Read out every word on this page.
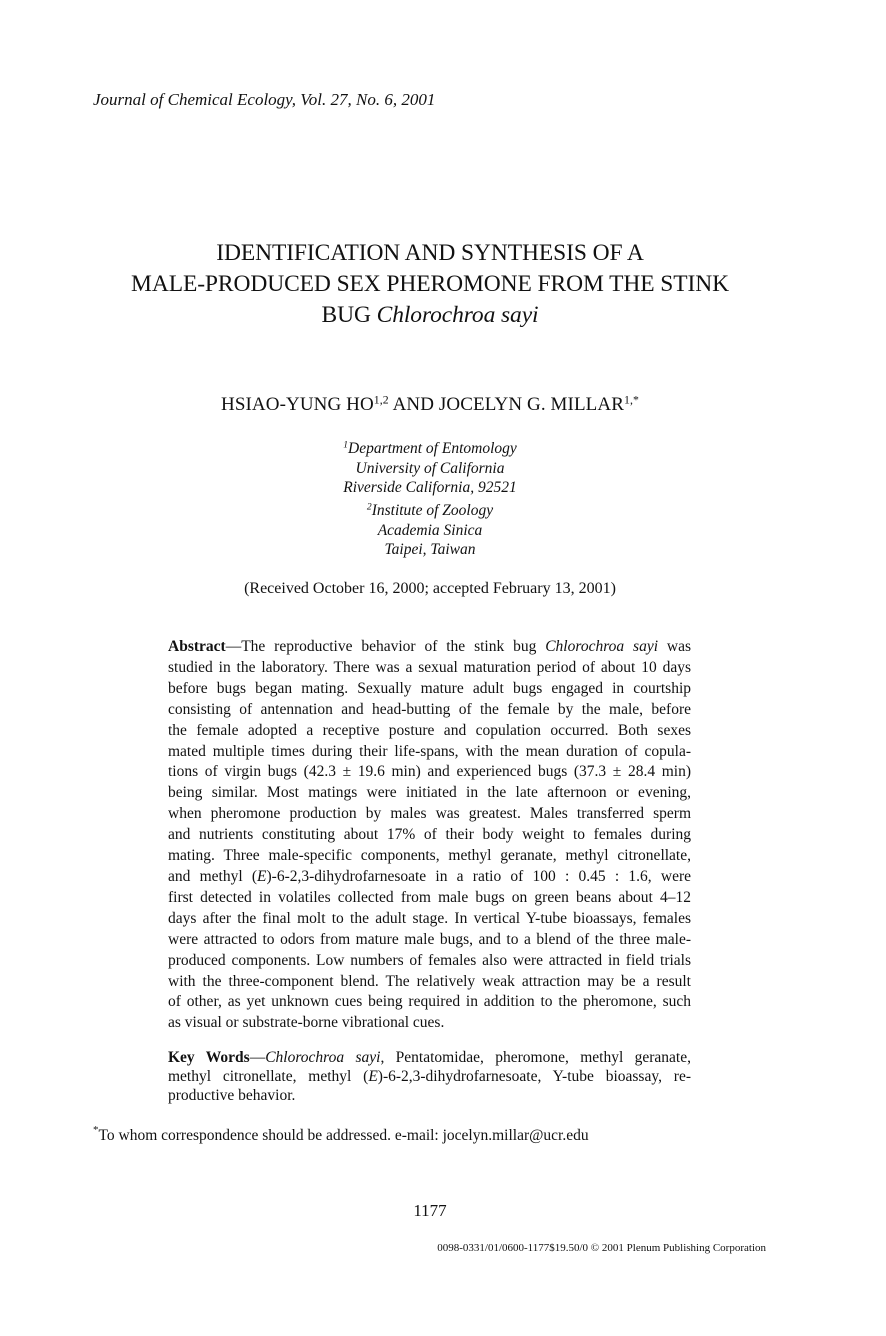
Journal of Chemical Ecology, Vol. 27, No. 6, 2001
IDENTIFICATION AND SYNTHESIS OF A
MALE-PRODUCED SEX PHEROMONE FROM THE STINK
BUG Chlorochroa sayi
HSIAO-YUNG HO$^{1,2}$ AND JOCELYN G. $MILLAR^{1,*}$
$^1$Department of Entomology
University of California
Riverside California, 92521
$^2$Institute of Zoology
Academia Sinica
Taipei, Taiwan
(Received October 16, 2000; accepted February 13, 2001)
Abstract—The reproductive behavior of the stink bug Chlorochroa sayi was
studied in the laboratory. There was a sexual maturation period of about 10 days
before bugs began mating. Sexually mature adult bugs engaged in courtship
consisting of antennation and head-butting of the female by the male, before
the female adopted a receptive posture and copulation occurred. Both sexes
mated multiple times during their life-spans, with the mean duration of copula-
tions of virgin bugs (42.3 ± 19.6 min) and experienced bugs (37.3 ± 28.4 min)
being similar. Most matings were initiated in the late afternoon or evening,
when pheromone production by males was greatest. Males transferred sperm
and nutrients constituting about 17% of their body weight to females during
mating. Three male-specific components, methyl geranate, methyl citronellate,
and methyl (E)-6-2,3-dihydrofarnesoate in a ratio of 100 : 0.45 : 1.6, were
first detected in volatiles collected from male bugs on green beans about 4–12
days after the final molt to the adult stage. In vertical Y-tube bioassays, females
were attracted to odors from mature male bugs, and to a blend of the three male-
produced components. Low numbers of females also were attracted in field trials
with the three-component blend. The relatively weak attraction may be a result
of other, as yet unknown cues being required in addition to the pheromone, such
as visual or substrate-borne vibrational cues.
Key Words—Chlorochroa sayi, Pentatomidae, pheromone, methyl geranate,
methyl citronellate, methyl (E)-6-2,3-dihydrofarnesoate, Y-tube bioassay, re-
productive behavior.
*To whom correspondence should be addressed. e-mail: jocelyn.millar@ucr.edu
1177
0098-0331/01/0600-1177$19.50/0 © 2001 Plenum Publishing Corporation
